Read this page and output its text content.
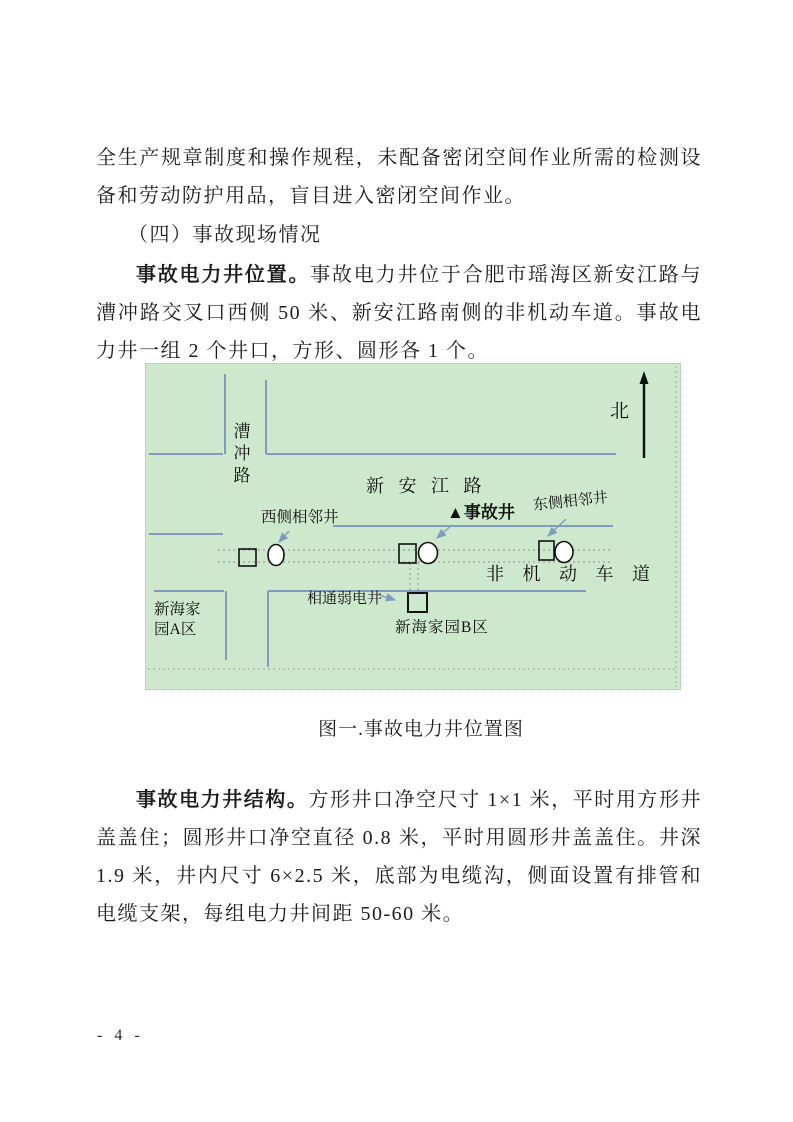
全生产规章制度和操作规程，未配备密闭空间作业所需的检测设备和劳动防护用品，盲目进入密闭空间作业。
（四）事故现场情况
事故电力井位置。事故电力井位于合肥市瑶海区新安江路与漕冲路交叉口西侧 50 米、新安江路南侧的非机动车道。事故电力井一组 2 个井口，方形、圆形各 1 个。
漕冲路
北
新 安 江 路
▲事故井 东侧相邻井
西侧相邻井
非 机 动 车 道
相通弱电井
新海家园B区
新海家
园A区
图一.事故电力井位置图
事故电力井结构。方形井口净空尺寸 1×1 米，平时用方形井盖盖住；圆形井口净空直径 0.8 米，平时用圆形井盖盖住。井深 1.9 米，井内尺寸 6×2.5 米，底部为电缆沟，侧面设置有排管和电缆支架，每组电力井间距 50-60 米。
- 4 -
